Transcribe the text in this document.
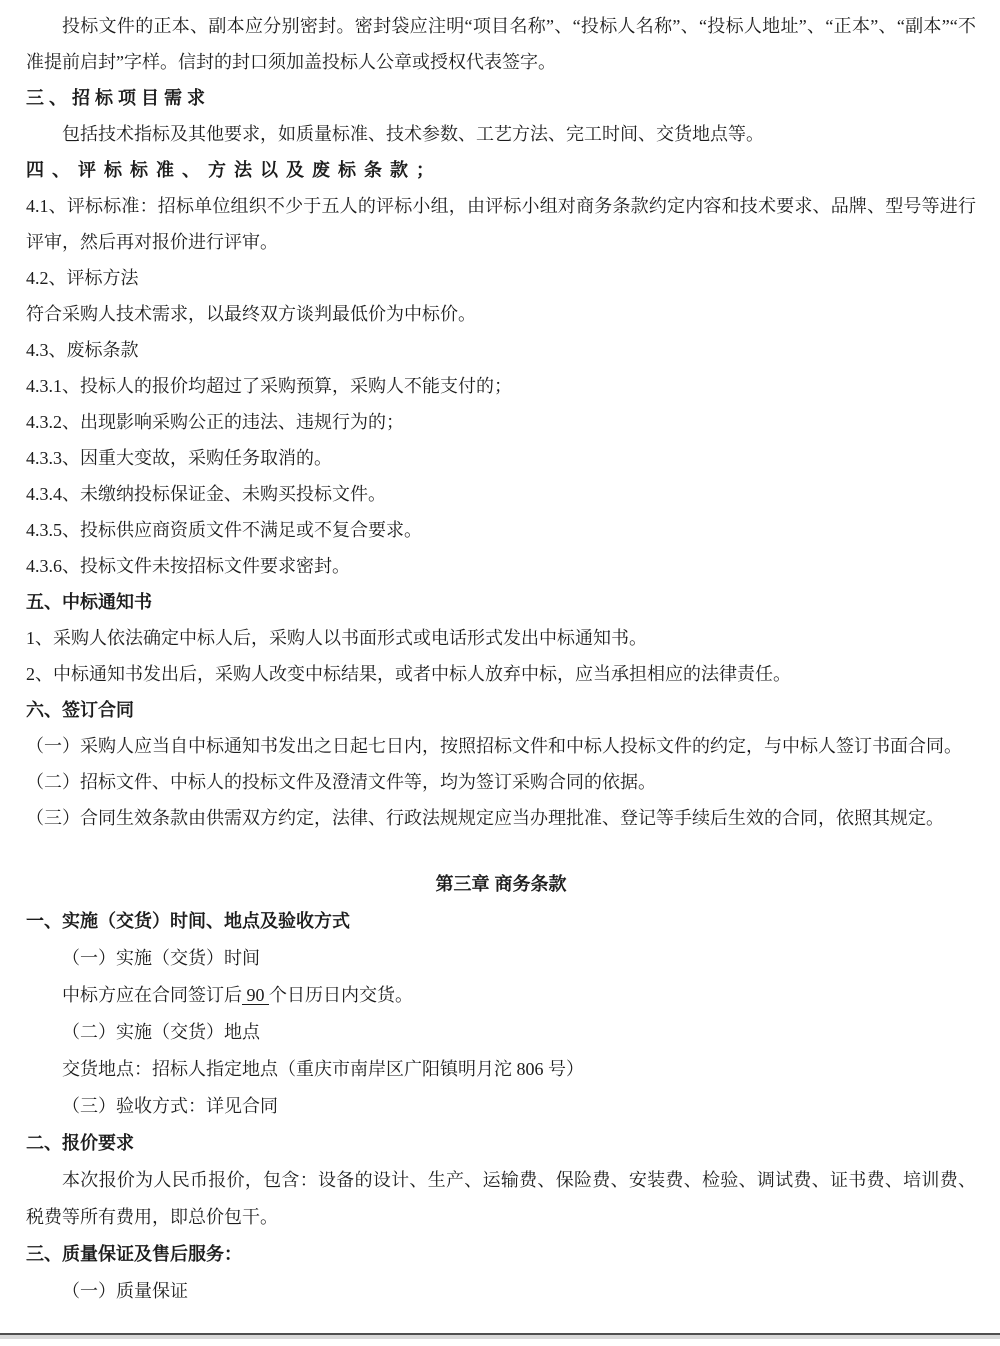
投标文件的正本、副本应分别密封。密封袋应注明“项目名称”、“投标人名称”、“投标人地址”、“正本”、“副本”“不准提前启封”字样。信封的封口须加盖投标人公章或授权代表签字。

三、招标项目需求

包括技术指标及其他要求，如质量标准、技术参数、工艺方法、完工时间、交货地点等。

四、评标标准、方法以及废标条款；

4.1、评标标准：招标单位组织不少于五人的评标小组，由评标小组对商务条款约定内容和技术要求、品牌、型号等进行评审，然后再对报价进行评审。

4.2、评标方法

符合采购人技术需求，以最终双方谈判最低价为中标价。

4.3、废标条款

4.3.1、投标人的报价均超过了采购预算，采购人不能支付的；

4.3.2、出现影响采购公正的违法、违规行为的；

4.3.3、因重大变故，采购任务取消的。

4.3.4、未缴纳投标保证金、未购买投标文件。

4.3.5、投标供应商资质文件不满足或不复合要求。

4.3.6、投标文件未按招标文件要求密封。

五、中标通知书

1、采购人依法确定中标人后，采购人以书面形式或电话形式发出中标通知书。

2、中标通知书发出后，采购人改变中标结果，或者中标人放弃中标，应当承担相应的法律责任。

六、签订合同

（一）采购人应当自中标通知书发出之日起七日内，按照招标文件和中标人投标文件的约定，与中标人签订书面合同。

（二）招标文件、中标人的投标文件及澄清文件等，均为签订采购合同的依据。

（三）合同生效条款由供需双方约定，法律、行政法规规定应当办理批准、登记等手续后生效的合同，依照其规定。

第三章 商务条款

一、实施（交货）时间、地点及验收方式

（一）实施（交货）时间

中标方应在合同签订后 90 个日历日内交货。

（二）实施（交货）地点

交货地点：招标人指定地点（重庆市南岸区广阳镇明月沱 806 号）

（三）验收方式：详见合同

二、报价要求

本次报价为人民币报价，包含：设备的设计、生产、运输费、保险费、安装费、检验、调试费、证书费、培训费、税费等所有费用，即总价包干。

三、质量保证及售后服务：

（一）质量保证
